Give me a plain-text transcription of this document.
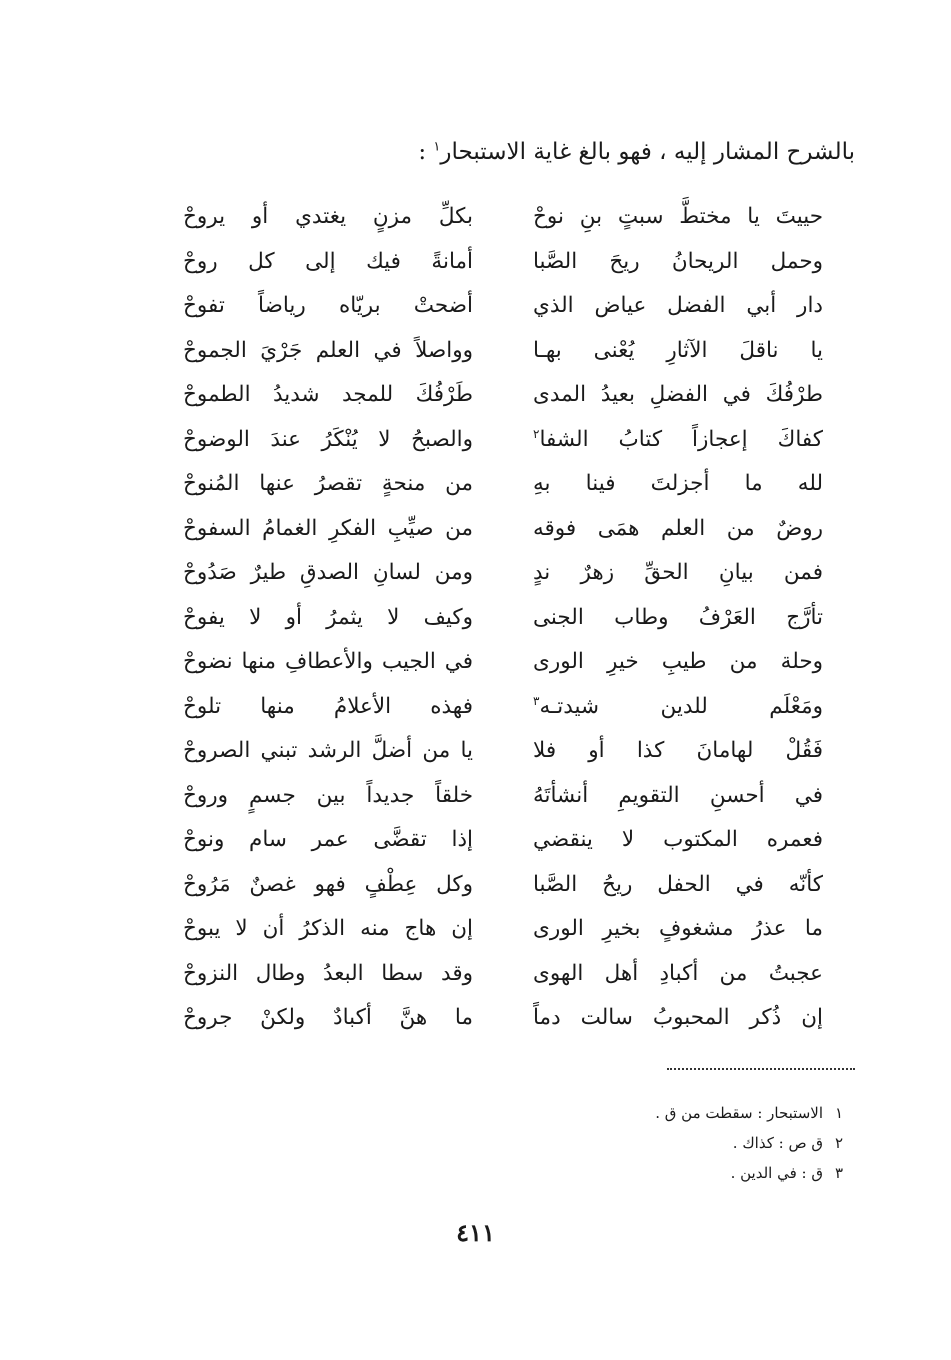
بالشرح المشار إليه ، فهو بالغ غاية الاستبحار$^١$ :
حييتَ يا مختطَّ سبتٍ بنِ نوحْ
بكلِّ مزنٍ يغتدي أو يروحْ
وحمل الريحانُ ريحَ الصَّبا
أمانةً فيك إلى كل روحْ
دار أبي الفضل عياض الذي
أضحتْ بريّاه رياضاً تفوحْ
يا ناقلَ الآثارِ يُعْنى بهـا
وواصلاً في العلم جَرْيَ الجموحْ
طرْفُكَ في الفضلِ بعيدُ المدى
طَرْفُكَ للمجد شديدُ الطموحْ
كفاكَ إعجازاً كتابُ الشفا$^٢$
والصبحُ لا يُنْكَرُ عندَ الوضوحْ
لله ما أجزلتَ فينا بهِ
من منحةٍ تقصرُ عنها المُنوحْ
روضٌ من العلم همَى فوقه
من صيِّبِ الفكرِ الغمامُ السفوحْ
فمن بيانِ الحقِّ زهرٌ ندٍ
ومن لسانِ الصدقِ طيرٌ صَدُوحْ
تأرَّج العَرْفُ وطاب الجنى
وكيف لا يثمرُ أو لا يفوحْ
وحلة من طيبِ خيرِ الورى
في الجيب والأعطافِ منها نضوحْ
ومَعْلَم للدين شيدتـه$^٣$
فهذه الأعلامُ منها تلوحْ
فَقُلْ لهامانَ كذا أو فلا
يا من أضلَّ الرشد تبني الصروحْ
في أحسنِ التقويمِ أنشأتَهُ
خلقاً جديداً بين جسمٍ وروحْ
فعمره المكتوب لا ينقضي
إذا تقضَّى عمر سام ونوحْ
كأنّه في الحفل ريحُ الصَّبا
وكل عِطْفٍ فهو غصنٌ مَرُوحْ
ما عذرُ مشغوفٍ بخيرِ الورى
إن هاج منه الذكرُ أن لا يبوحْ
عجبتُ من أكبادِ أهل الهوى
وقد سطا البعدُ وطال النزوحْ
إن ذُكر المحبوبُ سالت دماً
ما هنَّ أكبادٌ ولكنْ جروحْ
١الاستبحار : سقطت من ق .
٢ق ص : كذاك .
٣ق : في الدين .
٤١١
